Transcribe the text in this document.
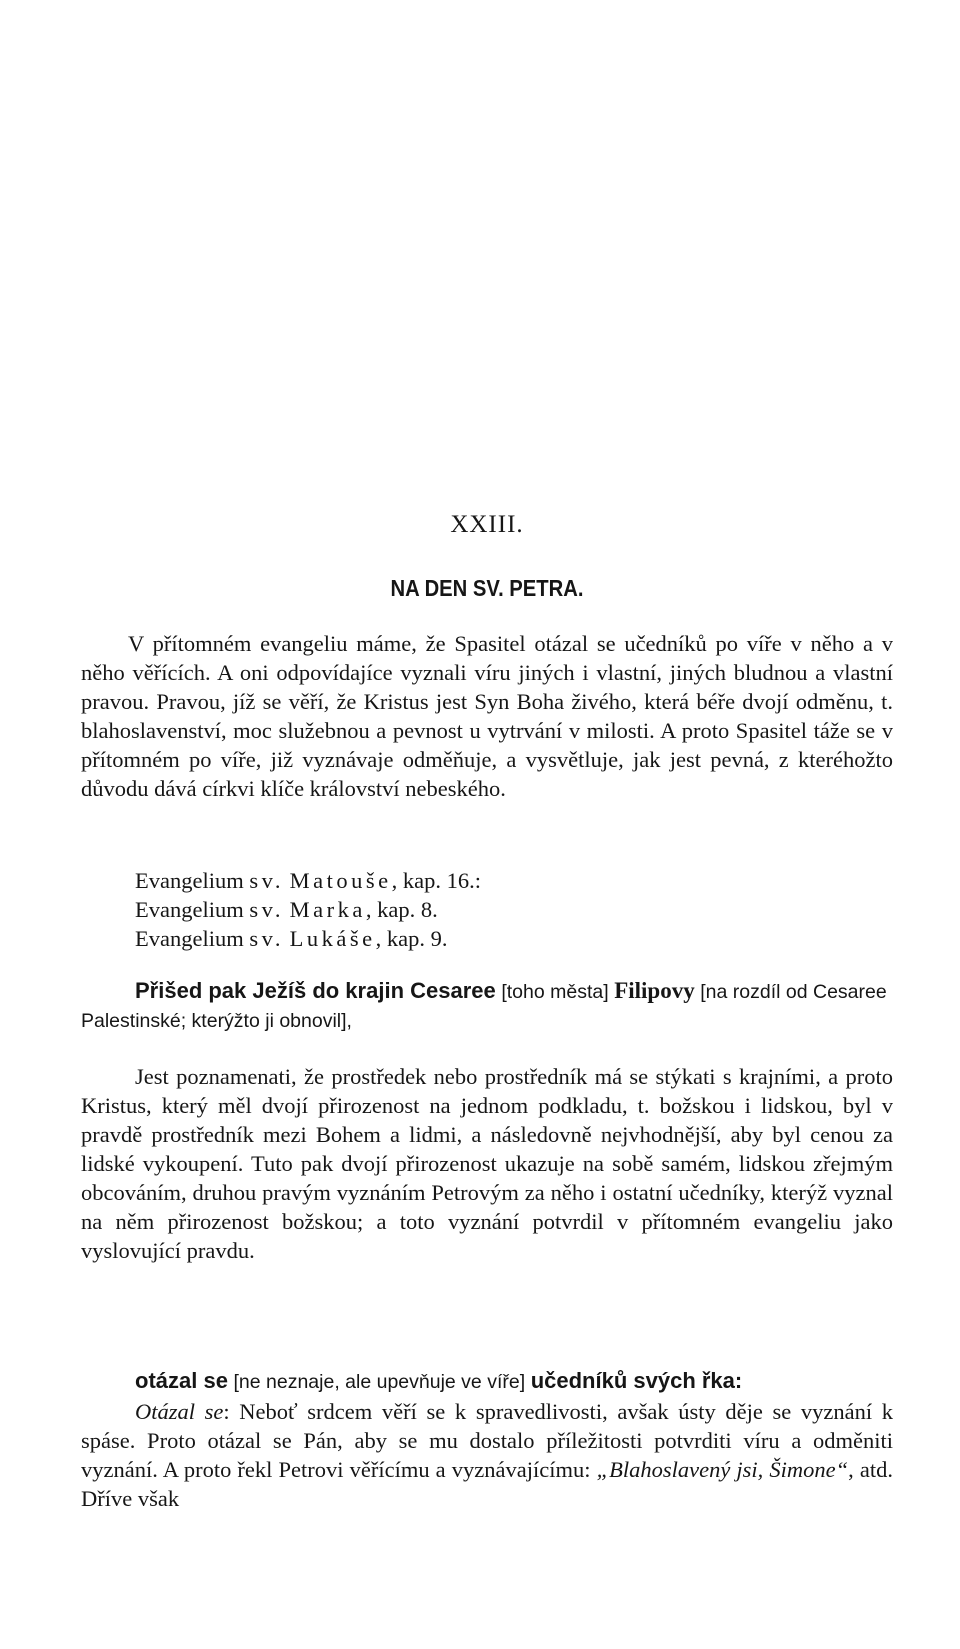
XXIII.
NA DEN SV. PETRA.

V přítomném evangeliu máme, že Spasitel otázal se učedníků po víře v něho a v něho věřících. A oni odpovídajíce vyznali víru jiných i vlastní, jiných bludnou a vlastní pravou. Pravou, jíž se věří, že Kristus jest Syn Boha živého, která béře dvojí odměnu, t. blahoslavenství, moc služebnou a pevnost u vytrvání v milosti. A proto Spasitel táže se v přítomném po víře, již vyznávaje odměňuje, a vysvětluje, jak jest pevná, z kteréhožto důvodu dává církvi klíče království nebeského.

Evangelium sv. Matouše, kap. 16.:
Evangelium sv. Marka, kap. 8.
Evangelium sv. Lukáše, kap. 9.

Přišed pak Ježíš do krajin Cesaree [toho města] Filipovy [na rozdíl od Cesaree Palestinské; kterýžto ji obnovil],

Jest poznamenati, že prostředek nebo prostředník má se stýkati s krajními, a proto Kristus, který měl dvojí přirozenost na jednom podkladu, t. božskou i lidskou, byl v pravdě prostředník mezi Bohem a lidmi, a následovně nejvhodnější, aby byl cenou za lidské vykoupení. Tuto pak dvojí přirozenost ukazuje na sobě samém, lidskou zřejmým obcováním, druhou pravým vyznáním Petrovým za něho i ostatní učedníky, kterýž vyznal na něm přirozenost božskou; a toto vyznání potvrdil v přítomném evangeliu jako vyslovující pravdu.

otázal se [ne neznaje, ale upevňuje ve víře] učedníků svých řka:

Otázal se: Neboť srdcem věří se k spravedlivosti, avšak ústy děje se vyznání k spáse. Proto otázal se Pán, aby se mu dostalo příležitosti potvrditi víru a odměniti vyznání. A proto řekl Petrovi věřícímu a vyznávajícímu: „Blahoslavený jsi, Šimone“, atd. Dříve však
